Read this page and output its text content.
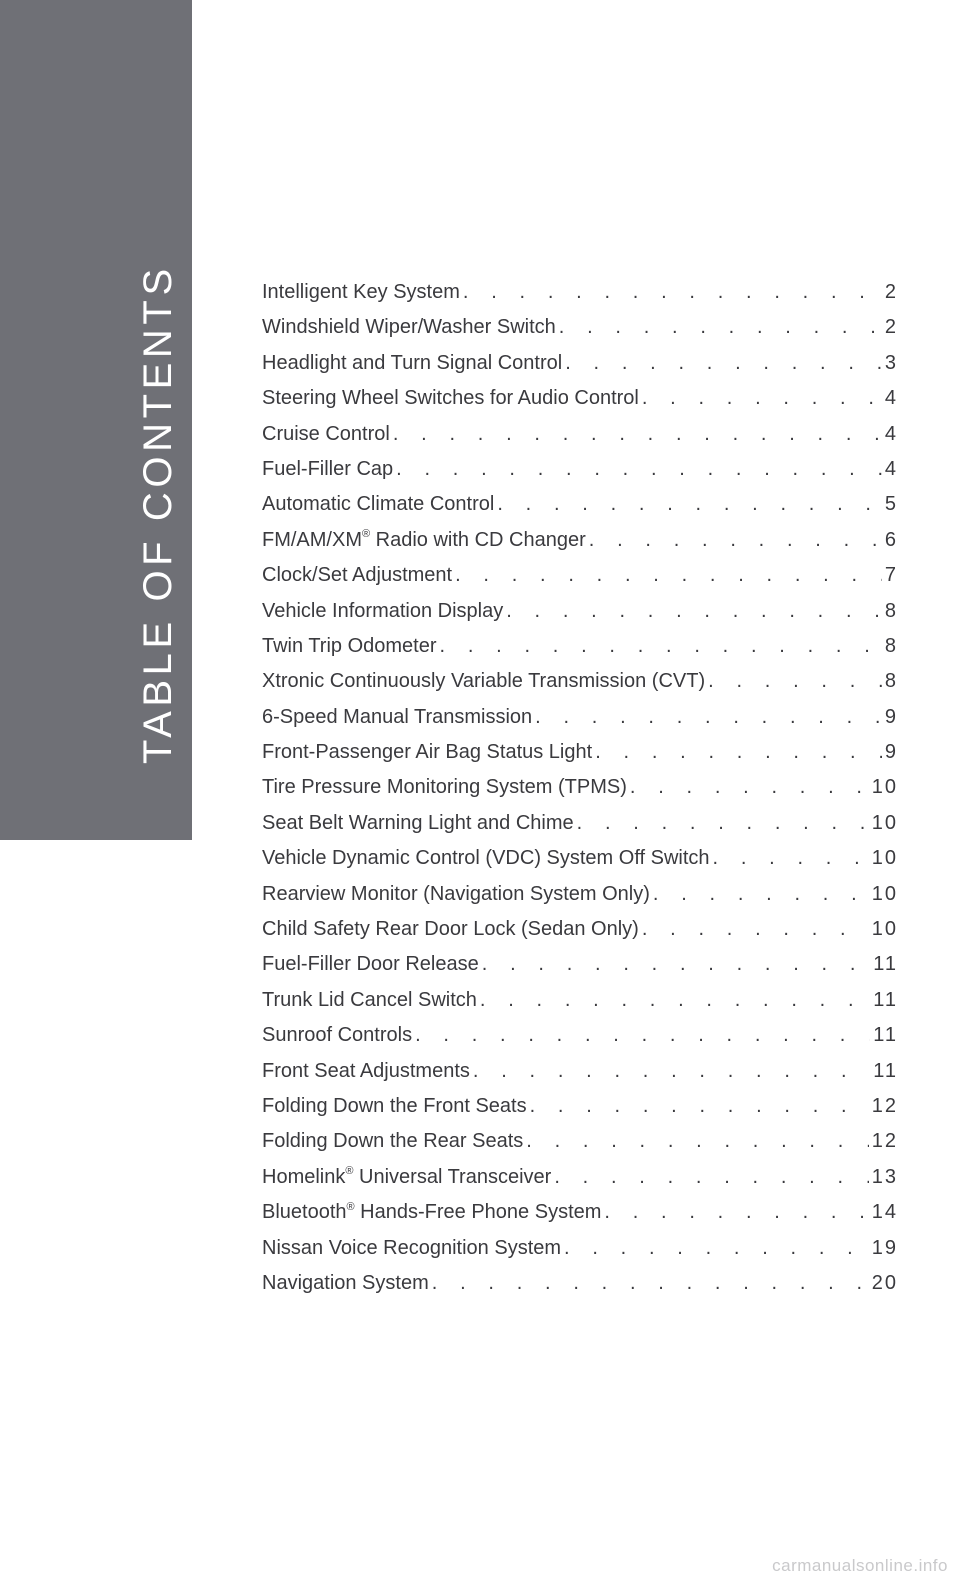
TABLE OF CONTENTS	Intelligent Key System . . .	2
Windshield Wiper/Washer Switch . . .	2
Headlight and Turn Signal Control . . .	3
Steering Wheel Switches for Audio Control . . .	4
Cruise Control . . .	4
Fuel-Filler Cap . . .	4
Automatic Climate Control . . .	5
FM/AM/XM® Radio with CD Changer . . .	6
Clock/Set Adjustment . . .	7
Vehicle Information Display . . .	8
Twin Trip Odometer . . .	8
Xtronic Continuously Variable Transmission (CVT) . . .	8
6-Speed Manual Transmission . . .	9
Front-Passenger Air Bag Status Light . . .	9
Tire Pressure Monitoring System (TPMS) . . .	10
Seat Belt Warning Light and Chime . . .	10
Vehicle Dynamic Control (VDC) System Off Switch . . .	10
Rearview Monitor (Navigation System Only) . . .	10
Child Safety Rear Door Lock (Sedan Only) . . .	10
Fuel-Filler Door Release . . .	11
Trunk Lid Cancel Switch . . .	11
Sunroof Controls . . .	11
Front Seat Adjustments . . .	11
Folding Down the Front Seats . . .	12
Folding Down the Rear Seats . . .	12
Homelink® Universal Transceiver . . .	13
Bluetooth® Hands-Free Phone System . . .	14
Nissan Voice Recognition System . . .	19
Navigation System . . .	20
carmanualsonline.info
